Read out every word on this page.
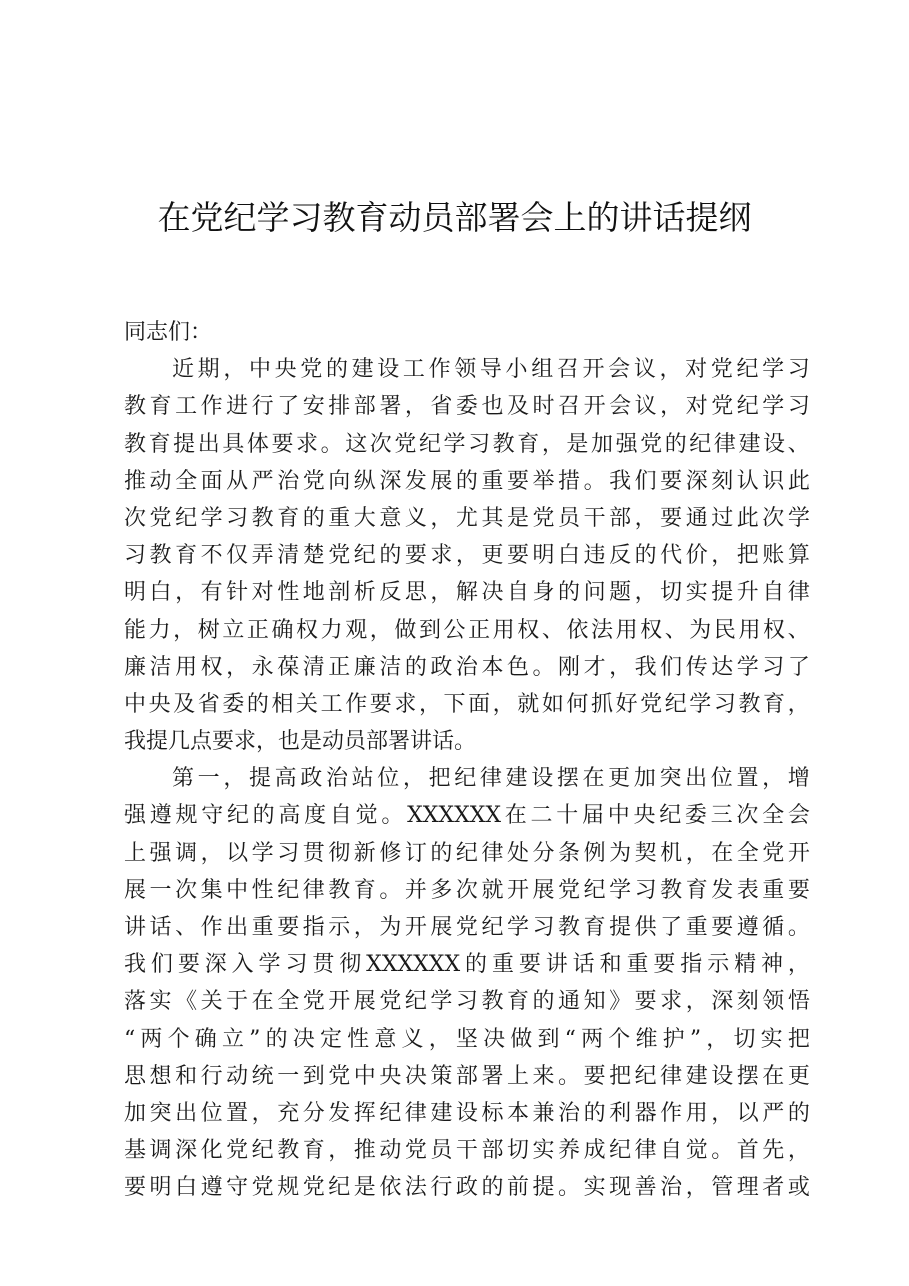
在党纪学习教育动员部署会上的讲话提纲
同志们：
近 期 ， 中 央 党 的 建 设 工 作 领 导 小 组 召 开 会 议 ， 对 党 纪 学 习
教 育 工 作 进 行 了 安 排 部 署 ， 省 委 也 及 时 召 开 会 议 ， 对 党 纪 学 习
教 育 提 出 具 体 要 求 。 这 次 党 纪 学 习 教 育 ， 是 加 强 党 的 纪 律 建 设 、
推 动 全 面 从 严 治 党 向 纵 深 发 展 的 重 要 举 措 。 我 们 要 深 刻 认 识 此
次 党 纪 学 习 教 育 的 重 大 意 义 ， 尤 其 是 党 员 干 部 ， 要 通 过 此 次 学
习 教 育 不 仅 弄 清 楚 党 纪 的 要 求 ， 更 要 明 白 违 反 的 代 价 ， 把 账 算
明 白 ， 有 针 对 性 地 剖 析 反 思 ， 解 决 自 身 的 问 题 ， 切 实 提 升 自 律
能 力 ， 树 立 正 确 权 力 观 ， 做 到 公 正 用 权 、 依 法 用 权 、 为 民 用 权 、
廉 洁 用 权 ， 永 葆 清 正 廉 洁 的 政 治 本 色 。 刚 才 ， 我 们 传 达 学 习 了
中 央 及 省 委 的 相 关 工 作 要 求 ， 下 面 ， 就 如 何 抓 好 党 纪 学 习 教 育 ，
我提几点要求，也是动员部署讲话。
第 一 ， 提 高 政 治 站 位 ， 把 纪 律 建 设 摆 在 更 加 突 出 位 置 ， 增
强 遵 规 守 纪 的 高 度 自 觉 。 XXXXXX 在 二 十 届 中 央 纪 委 三 次 全 会
上 强 调 ， 以 学 习 贯 彻 新 修 订 的 纪 律 处 分 条 例 为 契 机 ， 在 全 党 开
展 一 次 集 中 性 纪 律 教 育 。 并 多 次 就 开 展 党 纪 学 习 教 育 发 表 重 要
讲 话 、 作 出 重 要 指 示 ， 为 开 展 党 纪 学 习 教 育 提 供 了 重 要 遵 循 。
我 们 要 深 入 学 习 贯 彻 XXXXXX 的 重 要 讲 话 和 重 要 指 示 精 神 ，
落 实 《 关 于 在 全 党 开 展 党 纪 学 习 教 育 的 通 知 》 要 求 ， 深 刻 领 悟
“ 两 个 确 立 ” 的 决 定 性 意 义 ， 坚 决 做 到 “ 两 个 维 护 ” ， 切 实 把
思 想 和 行 动 统 一 到 党 中 央 决 策 部 署 上 来 。 要 把 纪 律 建 设 摆 在 更
加 突 出 位 置 ， 充 分 发 挥 纪 律 建 设 标 本 兼 治 的 利 器 作 用 ， 以 严 的
基 调 深 化 党 纪 教 育 ， 推 动 党 员 干 部 切 实 养 成 纪 律 自 觉 。 首 先 ，
要 明 白 遵 守 党 规 党 纪 是 依 法 行 政 的 前 提 。 实 现 善 治 ， 管 理 者 或
